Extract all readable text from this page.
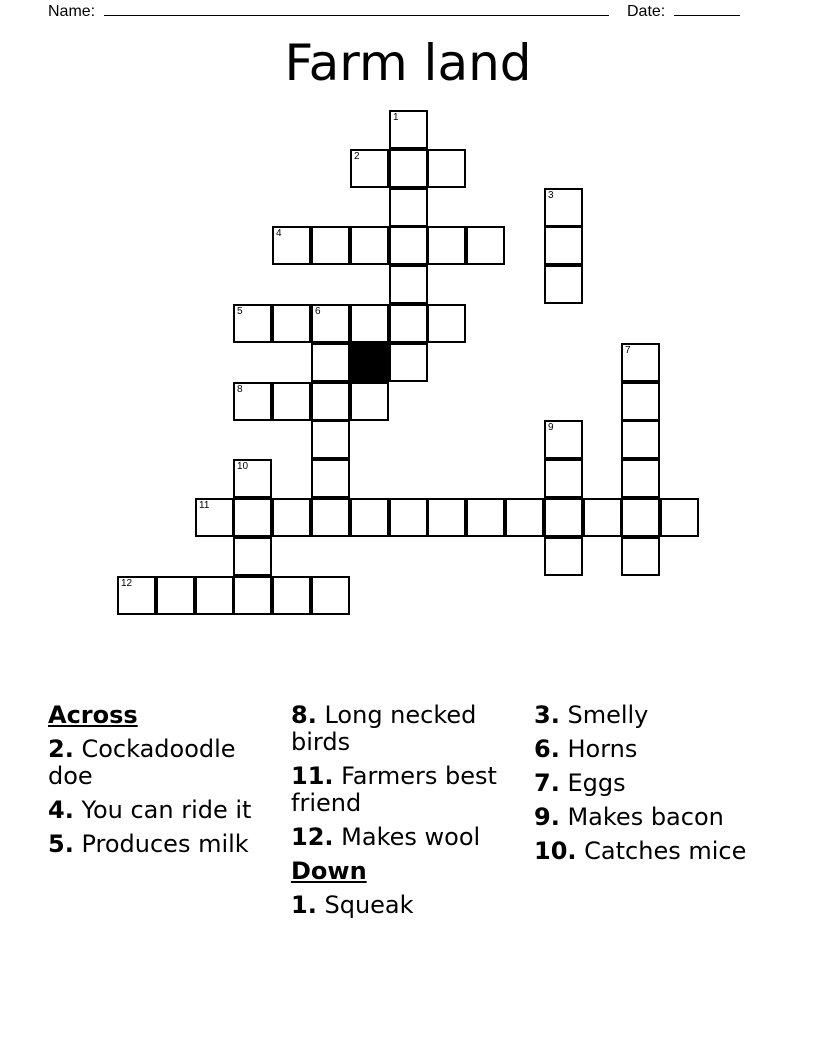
Name:	Date:
Farm land
1
2
3
4
5	6
7
8
9
10
11
12
Across
2. Cockadoodle doe
4. You can ride it
5. Produces milk
8. Long necked birds
11. Farmers best friend
12. Makes wool
Down
1. Squeak
3. Smelly
6. Horns
7. Eggs
9. Makes bacon
10. Catches mice
